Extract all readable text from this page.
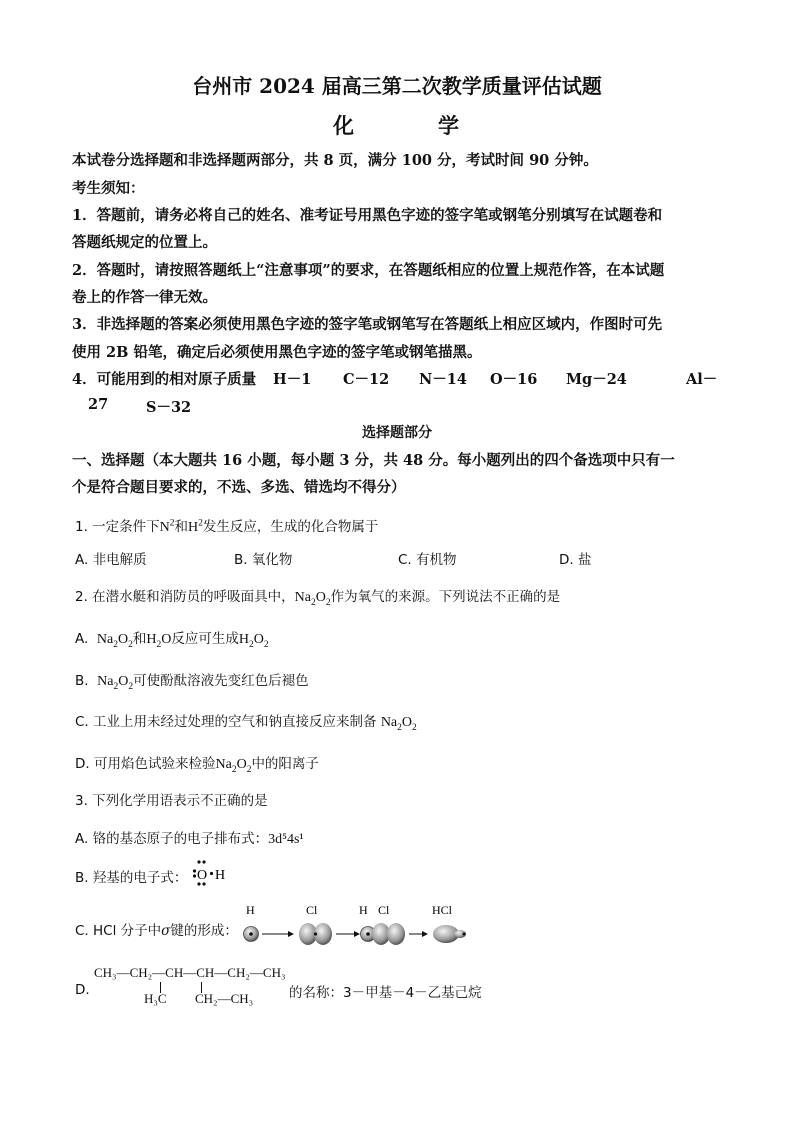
台州市 2024 届高三第二次教学质量评估试题
化	学
本试卷分选择题和非选择题两部分，共 8 页，满分 100 分，考试时间 90 分钟。
考生须知：
1．答题前，请务必将自己的姓名、准考证号用黑色字迹的签字笔或钢笔分别填写在试题卷和
答题纸规定的位置上。
2．答题时，请按照答题纸上“注意事项”的要求，在答题纸相应的位置上规范作答，在本试题
卷上的作答一律无效。
3．非选择题的答案必须使用黑色字迹的签字笔或钢笔写在答题纸上相应区域内，作图时可先
使用 2B 铅笔，确定后必须使用黑色字迹的签字笔或钢笔描黑。
4．可能用到的相对原子质量 H－1 C－12 N－14 O－16 Mg－24	Al－
27	S－32
选择题部分
一、选择题（本大题共 16 小题，每小题 3 分，共 48 分。每小题列出的四个备选项中只有一
个是符合题目要求的，不选、多选、错选均不得分）
1. 一定条件下$N^2$和$H^2$发生反应，生成的化合物属于
A. 非电解质	B. 氧化物	C. 有机物	D. 盐
2. 在潜水艇和消防员的呼吸面具中，$Na_2O_2$作为氧气的来源。下列说法不正确的是
A. $Na_2O_2$和$H_2O$反应可生成$H_2O_2$
B. $Na_2O_2$可使酚酞溶液先变红色后褪色
C. 工业上用未经过处理的空气和钠直接反应来制备 $Na_2O_2$
D. 可用焰色试验来检验$Na_2O_2$中的阳离子
3. 下列化学用语表示不正确的是
A. 铬的基态原子的电子排布式：3d⁵4s¹
B. 羟基的电子式： O H
C. HCl 分子中σ键的形成：
H	Cl	H Cl	HCl
D.
CH₃—CH₂—CH—CH—CH₂—CH₃
H₃C CH₂—CH₃	的名称：3－甲基－4－乙基己烷
